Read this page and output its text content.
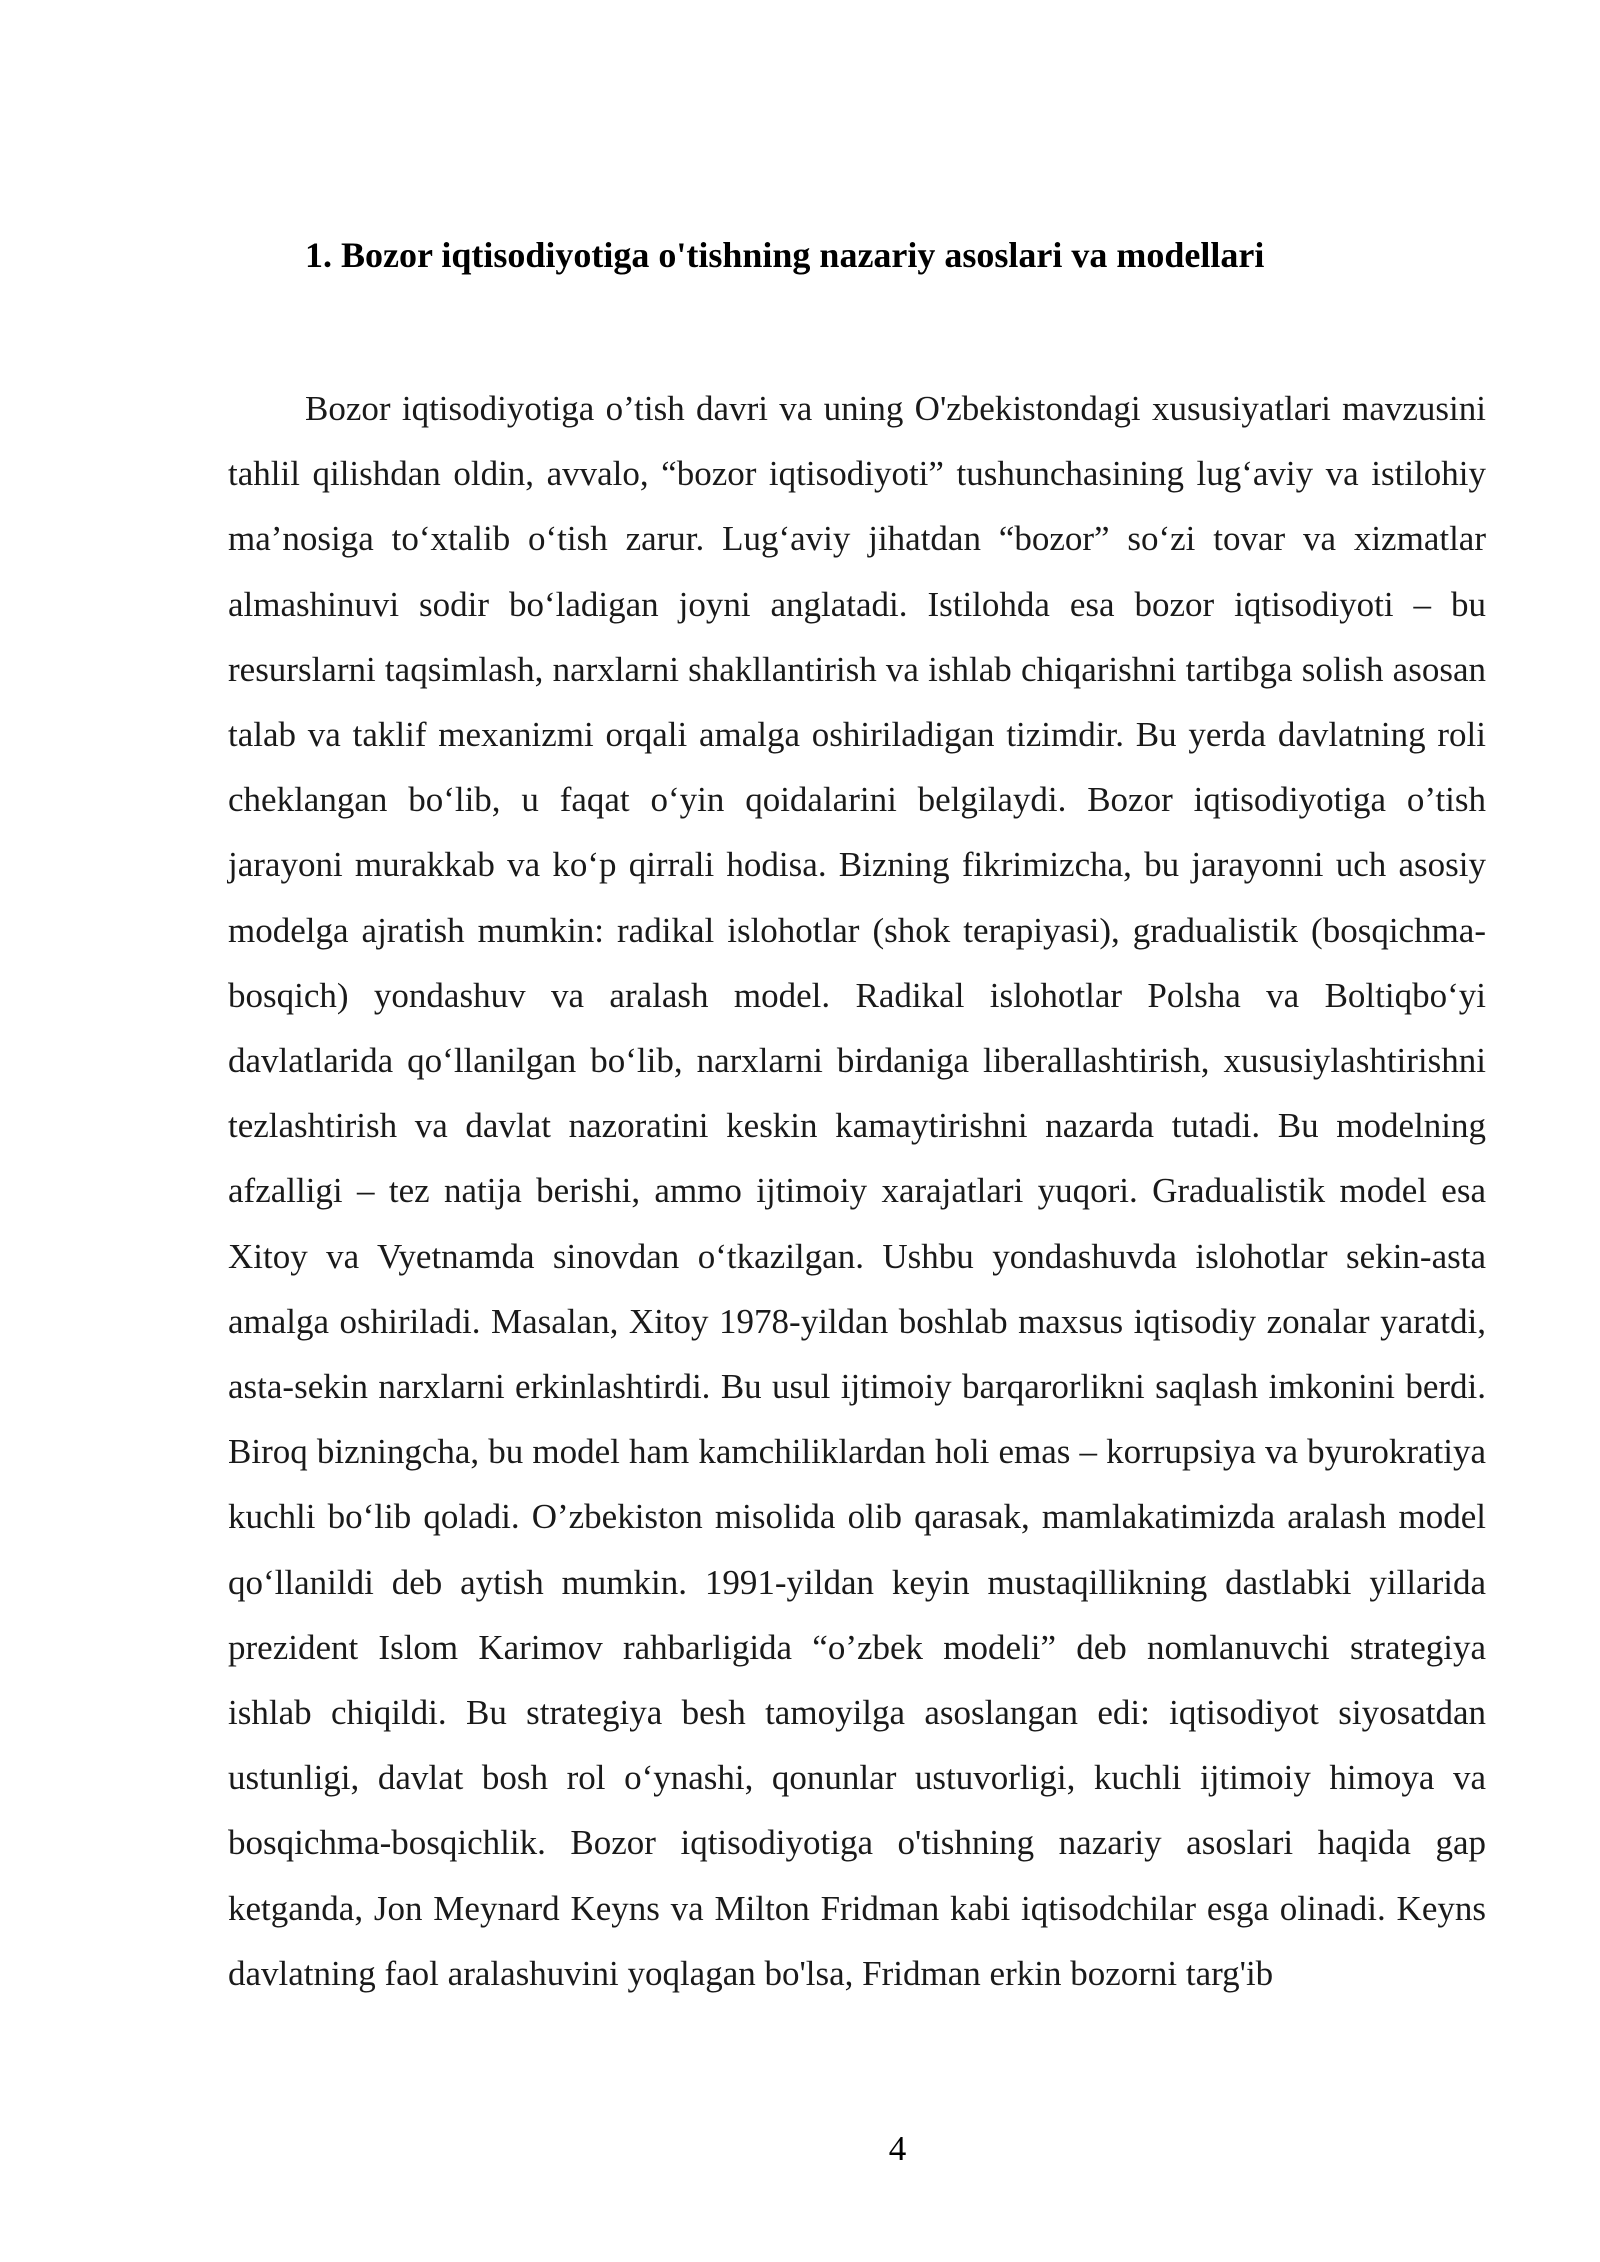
1. Bozor iqtisodiyotiga o'tishning nazariy asoslari va modellari

Bozor iqtisodiyotiga o’tish davri va uning O'zbekistondagi xususiyatlari mavzusini tahlil qilishdan oldin, avvalo, “bozor iqtisodiyoti” tushunchasining lug‘aviy va istilohiy ma’nosiga to‘xtalib o‘tish zarur. Lug‘aviy jihatdan “bozor” so‘zi tovar va xizmatlar almashinuvi sodir bo‘ladigan joyni anglatadi. Istilohda esa bozor iqtisodiyoti – bu resurslarni taqsimlash, narxlarni shakllantirish va ishlab chiqarishni tartibga solish asosan talab va taklif mexanizmi orqali amalga oshiriladigan tizimdir. Bu yerda davlatning roli cheklangan bo‘lib, u faqat o‘yin qoidalarini belgilaydi. Bozor iqtisodiyotiga o’tish jarayoni murakkab va ko‘p qirrali hodisa. Bizning fikrimizcha, bu jarayonni uch asosiy modelga ajratish mumkin: radikal islohotlar (shok terapiyasi), gradualistik (bosqichma-bosqich) yondashuv va aralash model. Radikal islohotlar Polsha va Boltiqbo‘yi davlatlarida qo‘llanilgan bo‘lib, narxlarni birdaniga liberallashtirish, xususiylashtirishni tezlashtirish va davlat nazoratini keskin kamaytirishni nazarda tutadi. Bu modelning afzalligi – tez natija berishi, ammo ijtimoiy xarajatlari yuqori. Gradualistik model esa Xitoy va Vyetnamda sinovdan o‘tkazilgan. Ushbu yondashuvda islohotlar sekin-asta amalga oshiriladi. Masalan, Xitoy 1978-yildan boshlab maxsus iqtisodiy zonalar yaratdi, asta-sekin narxlarni erkinlashtirdi. Bu usul ijtimoiy barqarorlikni saqlash imkonini berdi. Biroq bizningcha, bu model ham kamchiliklardan holi emas – korrupsiya va byurokratiya kuchli bo‘lib qoladi. O’zbekiston misolida olib qarasak, mamlakatimizda aralash model qo‘llanildi deb aytish mumkin. 1991-yildan keyin mustaqillikning dastlabki yillarida prezident Islom Karimov rahbarligida “o’zbek modeli” deb nomlanuvchi strategiya ishlab chiqildi. Bu strategiya besh tamoyilga asoslangan edi: iqtisodiyot siyosatdan ustunligi, davlat bosh rol o‘ynashi, qonunlar ustuvorligi, kuchli ijtimoiy himoya va bosqichma-bosqichlik. Bozor iqtisodiyotiga o'tishning nazariy asoslari haqida gap ketganda, Jon Meynard Keyns va Milton Fridman kabi iqtisodchilar esga olinadi. Keyns davlatning faol aralashuvini yoqlagan bo'lsa, Fridman erkin bozorni targ'ib

4
